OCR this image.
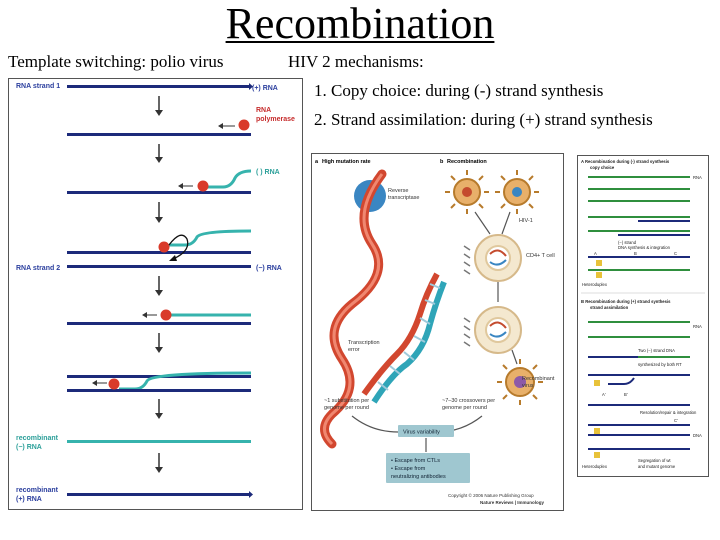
Recombination
Template switching: polio virus	HIV 2 mechanisms:
1. Copy choice: during (-) strand synthesis
2. Strand assimilation: during (+) strand synthesis
RNA strand 1	(+) RNA
RNA
polymerase
( ) RNA
RNA strand 2	(−) RNA
recombinant
(−) RNA
recombinant
(+) RNA
a High mutation rate	b Recombination
Reverse
transcriptase
Transcription
error
HIV-1
CD4+ T cell
Recombinant
virus
~1 substitution per
genome per round
~7–30 crossovers per
genome per round
Virus variability
• Escape from CTLs
• Escape from
neutralizing antibodies
Copyright © 2006 Nature Publishing Group
Nature Reviews | Immunology
A Recombination during (-) strand synthesis
copy choice
RNA
(−) strand
DNA synthesis & integration
A	B	C
Heteroduplex
B Recombination during (+) strand synthesis
strand assimilation
RNA
Two (−) strand DNA
synthesized by both RT
A'	B'
Resolution/repair & integration
C'
DNA
Heteroduplex
Segregation of wt
and mutant genome
